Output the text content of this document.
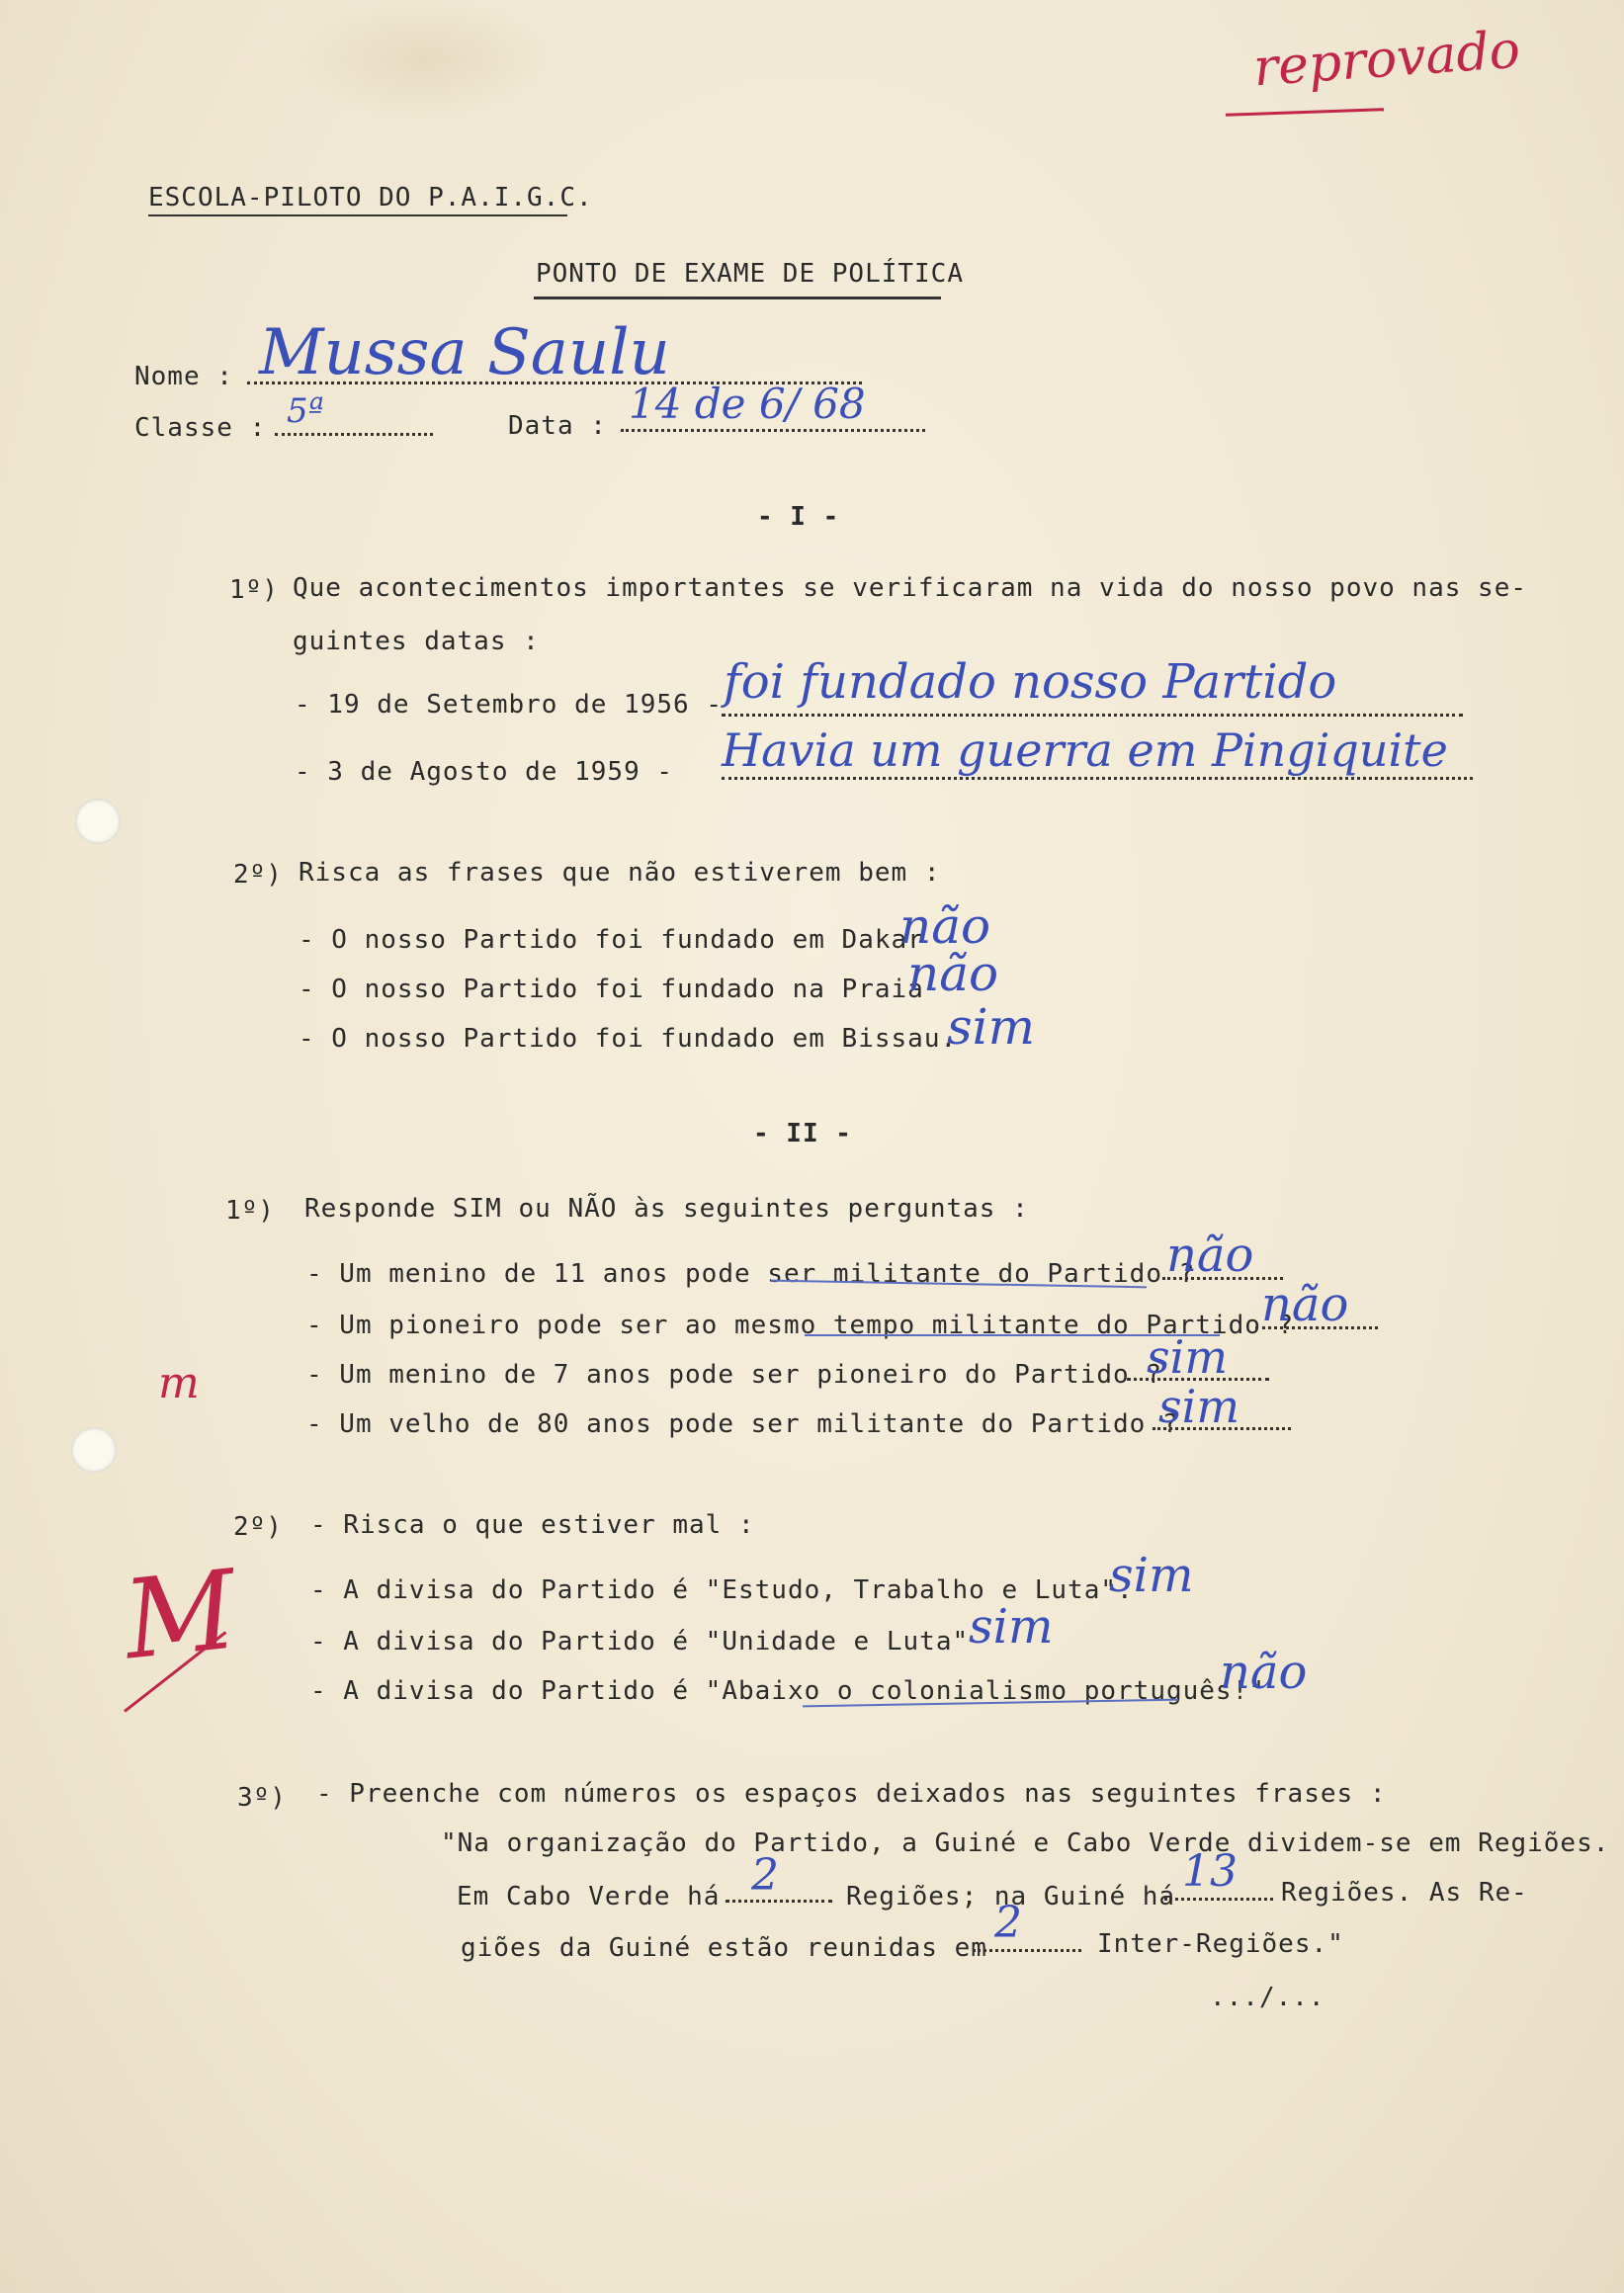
reprovado
ESCOLA-PILOTO DO P.A.I.G.C.
PONTO DE EXAME DE POLÍTICA
Nome : Mussa Saulu
Classe : 5ª	Data : 14 de 6/ 68
- I -
1º) Que acontecimentos importantes se verificaram na vida do nosso povo nas se-
guintes datas :
- 19 de Setembro de 1956 - foi fundado nosso Partido
- 3 de Agosto de 1959 - Havia um guerra em Pingiquite
2º) Risca as frases que não estiverem bem :
- O nosso Partido foi fundado em Dakar
não
- O nosso Partido foi fundado na Praia
não
- O nosso Partido foi fundado em Bissau.
sim
- II -
1º) Responde SIM ou NÃO às seguintes perguntas :
- Um menino de 11 anos pode ser militante do Partido ?
não
- Um pioneiro pode ser ao mesmo tempo militante do Partido ?
não
- Um menino de 7 anos pode ser pioneiro do Partido ?
sim
- Um velho de 80 anos pode ser militante do Partido ?
sim
m
2º) - Risca o que estiver mal :
- A divisa do Partido é "Estudo, Trabalho e Luta".
sim
- A divisa do Partido é "Unidade e Luta" sim
- A divisa do Partido é "Abaixo o colonialismo português!"
não
M
3º) - Preenche com números os espaços deixados nas seguintes frases :
"Na organização do Partido, a Guiné e Cabo Verde dividem-se em Regiões.
Em Cabo Verde há 2	Regiões; na Guiné há 13 Regiões. As Re-
giões da Guiné estão reunidas em 2	Inter-Regiões."
.../...
